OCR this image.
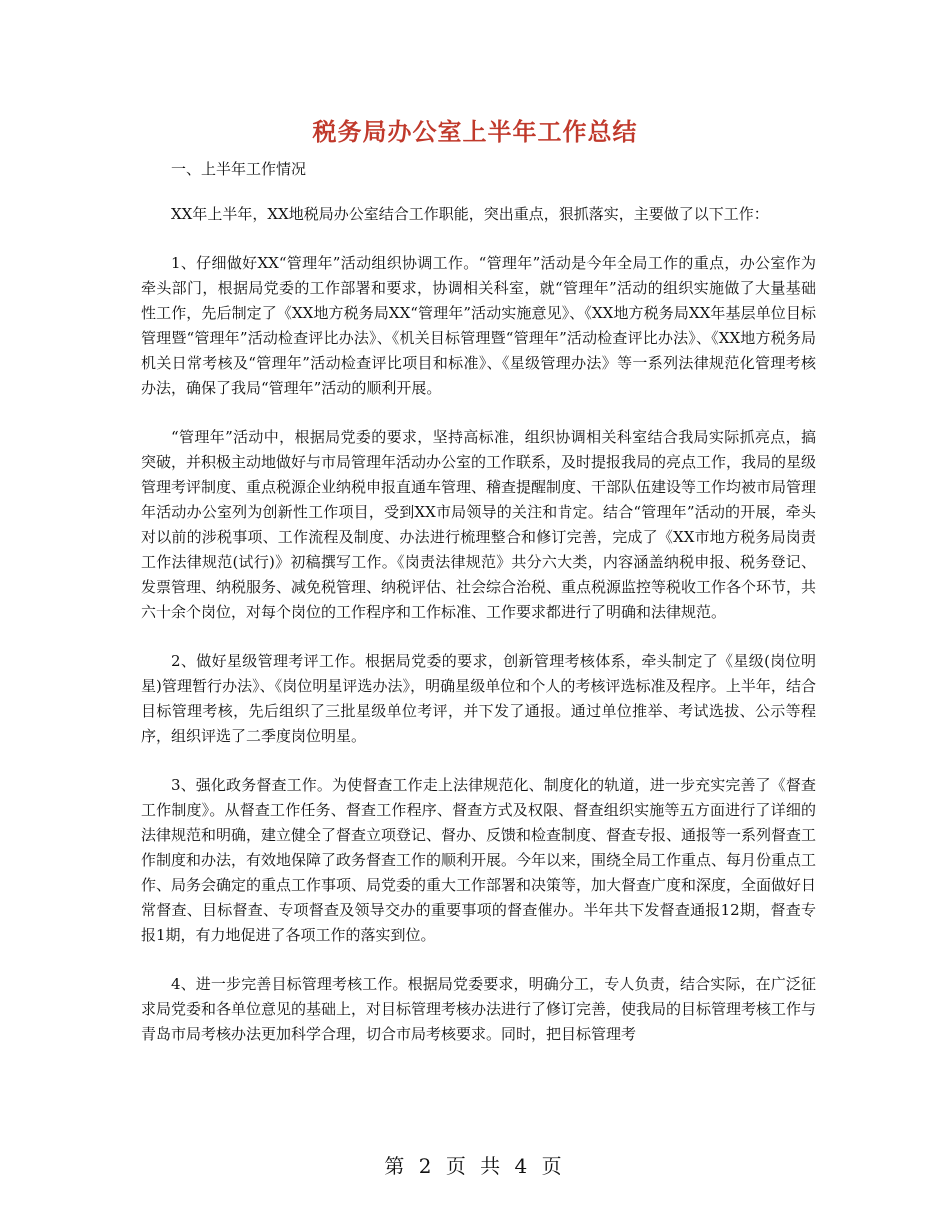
税务局办公室上半年工作总结

一、上半年工作情况

XX年上半年，XX地税局办公室结合工作职能，突出重点，狠抓落实，主要做了以下工作：

1、仔细做好XX“管理年”活动组织协调工作。“管理年”活动是今年全局工作的重点，办公室作为牵头部门，根据局党委的工作部署和要求，协调相关科室，就“管理年”活动的组织实施做了大量基础性工作，先后制定了《XX地方税务局XX“管理年”活动实施意见》、《XX地方税务局XX年基层单位目标管理暨“管理年”活动检查评比办法》、《机关目标管理暨“管理年”活动检查评比办法》、《XX地方税务局机关日常考核及“管理年”活动检查评比项目和标准》、《星级管理办法》等一系列法律规范化管理考核办法，确保了我局“管理年”活动的顺利开展。

“管理年”活动中，根据局党委的要求，坚持高标准，组织协调相关科室结合我局实际抓亮点，搞突破，并积极主动地做好与市局管理年活动办公室的工作联系，及时提报我局的亮点工作，我局的星级管理考评制度、重点税源企业纳税申报直通车管理、稽查提醒制度、干部队伍建设等工作均被市局管理年活动办公室列为创新性工作项目，受到XX市局领导的关注和肯定。结合“管理年”活动的开展，牵头对以前的涉税事项、工作流程及制度、办法进行梳理整合和修订完善，完成了《XX市地方税务局岗责工作法律规范(试行)》初稿撰写工作。《岗责法律规范》共分六大类，内容涵盖纳税申报、税务登记、发票管理、纳税服务、减免税管理、纳税评估、社会综合治税、重点税源监控等税收工作各个环节，共六十余个岗位，对每个岗位的工作程序和工作标准、工作要求都进行了明确和法律规范。

2、做好星级管理考评工作。根据局党委的要求，创新管理考核体系，牵头制定了《星级(岗位明星)管理暂行办法》、《岗位明星评选办法》，明确星级单位和个人的考核评选标准及程序。上半年，结合目标管理考核，先后组织了三批星级单位考评，并下发了通报。通过单位推举、考试选拔、公示等程序，组织评选了二季度岗位明星。

3、强化政务督查工作。为使督查工作走上法律规范化、制度化的轨道，进一步充实完善了《督查工作制度》。从督查工作任务、督查工作程序、督查方式及权限、督查组织实施等五方面进行了详细的法律规范和明确，建立健全了督查立项登记、督办、反馈和检查制度、督查专报、通报等一系列督查工作制度和办法，有效地保障了政务督查工作的顺利开展。今年以来，围绕全局工作重点、每月份重点工作、局务会确定的重点工作事项、局党委的重大工作部署和决策等，加大督查广度和深度，全面做好日常督查、目标督查、专项督查及领导交办的重要事项的督查催办。半年共下发督查通报12期，督查专报1期，有力地促进了各项工作的落实到位。

4、进一步完善目标管理考核工作。根据局党委要求，明确分工，专人负责，结合实际，在广泛征求局党委和各单位意见的基础上，对目标管理考核办法进行了修订完善，使我局的目标管理考核工作与青岛市局考核办法更加科学合理，切合市局考核要求。同时，把目标管理考

第 2 页 共 4 页
